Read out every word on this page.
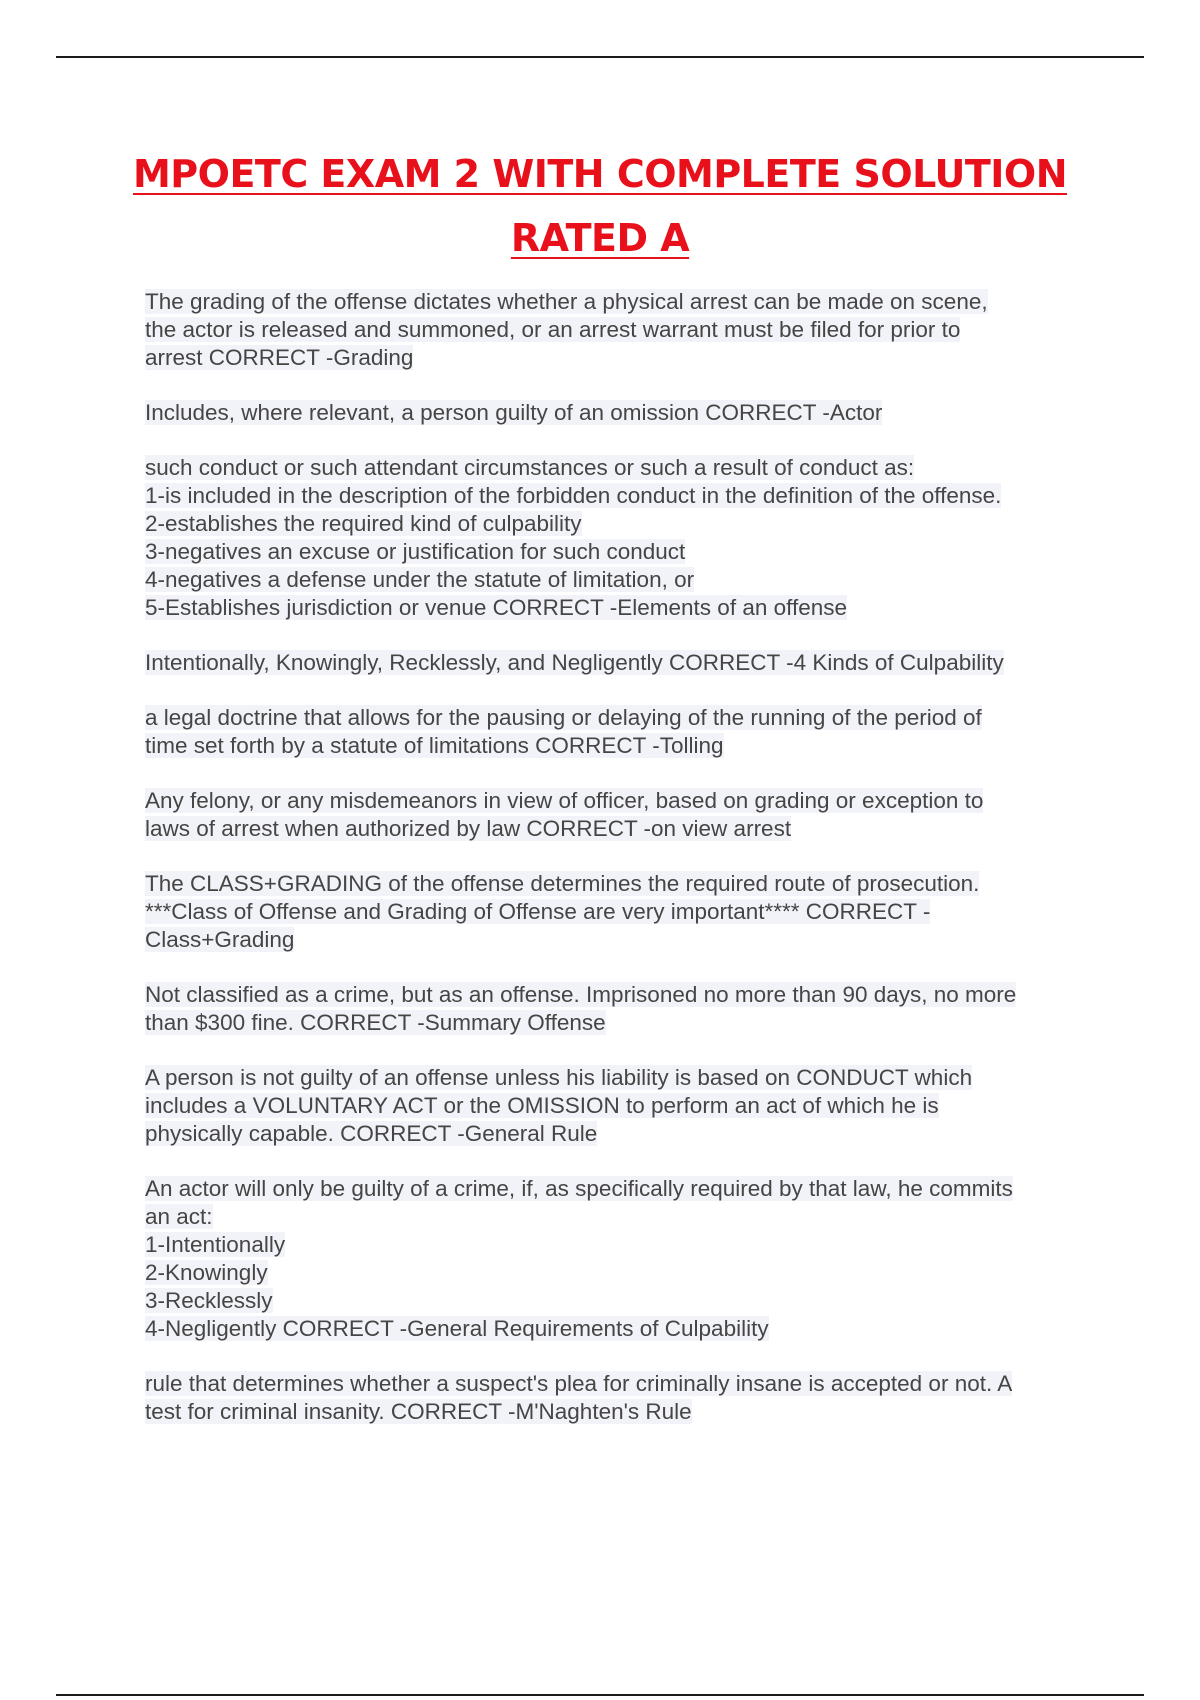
MPOETC EXAM 2 WITH COMPLETE SOLUTION
RATED A
The grading of the offense dictates whether a physical arrest can be made on scene,
the actor is released and summoned, or an arrest warrant must be filed for prior to
arrest CORRECT -Grading
Includes, where relevant, a person guilty of an omission CORRECT -Actor
such conduct or such attendant circumstances or such a result of conduct as:
1-is included in the description of the forbidden conduct in the definition of the offense.
2-establishes the required kind of culpability
3-negatives an excuse or justification for such conduct
4-negatives a defense under the statute of limitation, or
5-Establishes jurisdiction or venue CORRECT -Elements of an offense
Intentionally, Knowingly, Recklessly, and Negligently CORRECT -4 Kinds of Culpability
a legal doctrine that allows for the pausing or delaying of the running of the period of
time set forth by a statute of limitations CORRECT -Tolling
Any felony, or any misdemeanors in view of officer, based on grading or exception to
laws of arrest when authorized by law CORRECT -on view arrest
The CLASS+GRADING of the offense determines the required route of prosecution.
***Class of Offense and Grading of Offense are very important**** CORRECT -
Class+Grading
Not classified as a crime, but as an offense. Imprisoned no more than 90 days, no more
than $300 fine. CORRECT -Summary Offense
A person is not guilty of an offense unless his liability is based on CONDUCT which
includes a VOLUNTARY ACT or the OMISSION to perform an act of which he is
physically capable. CORRECT -General Rule
An actor will only be guilty of a crime, if, as specifically required by that law, he commits
an act:
1-Intentionally
2-Knowingly
3-Recklessly
4-Negligently CORRECT -General Requirements of Culpability
rule that determines whether a suspect's plea for criminally insane is accepted or not. A
test for criminal insanity. CORRECT -M'Naghten's Rule
